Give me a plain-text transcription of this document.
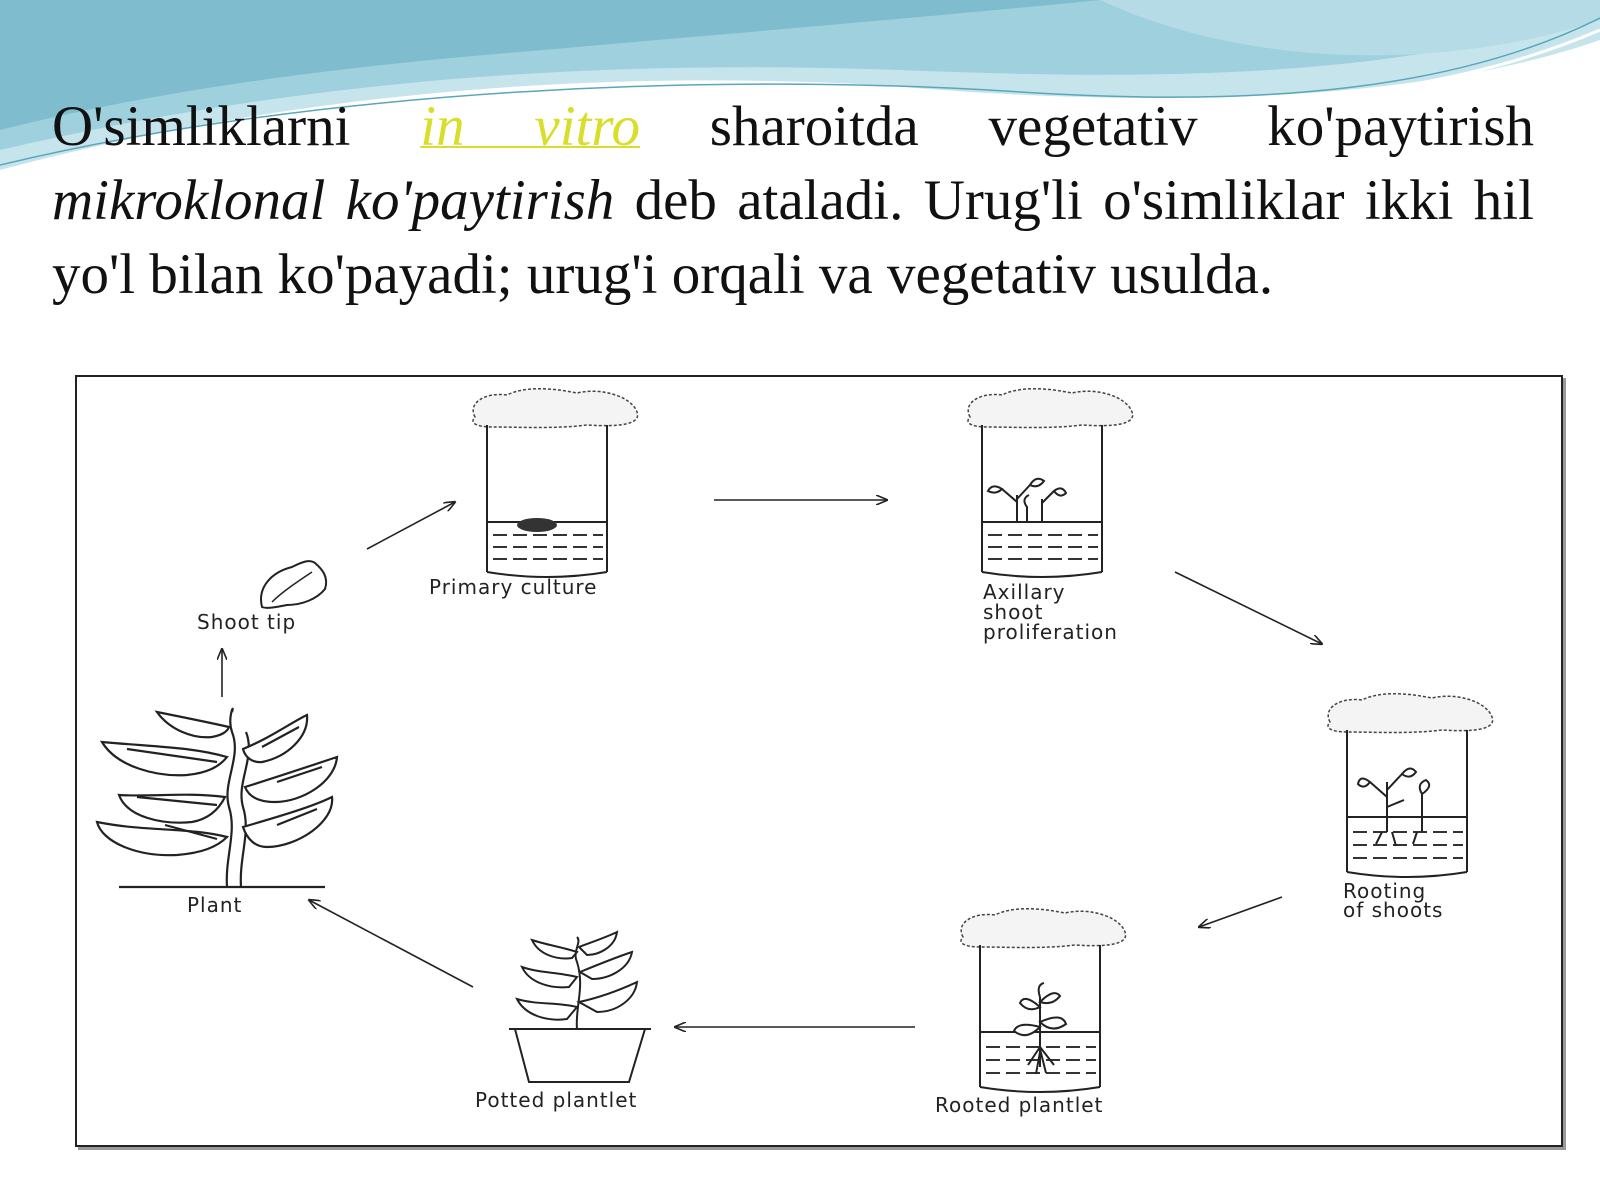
O'simliklarni in vitro sharoitda vegetativ ko'paytirish mikroklonal ko'paytirish deb ataladi. Urug'li o'simliklar ikki hil yo'l bilan ko'payadi; urug'i orqali va vegetativ usulda.

Primary culture
Shoot tip
Axillary
shoot
proliferation
Rooting
of shoots
Plant
Potted plantlet	Rooted plantlet
